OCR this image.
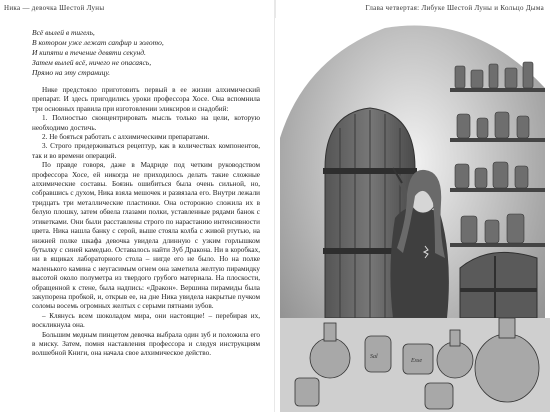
Ника — девочка Шестой Луны
Всё вылей в тигель,
В котором уже лежат сапфир и золото,
И кипяти в течение девяти секунд.
Затем вылей всё, ничего не опасаясь,
Прямо на эту страницу.

Нике предстояло приготовить первый в ее жизни алхимический препарат. И здесь пригодились уроки профессора Хосе. Она вспомнила три основных правила при изготовлении эликсиров и снадобий:

1. Полностью сконцентрировать мысль только на цели, которую необходимо достичь.

2. Не бояться работать с алхимическими препаратами.

3. Строго придерживаться рецептур, как в количествах компонентов, так и во времени операций.

По правде говоря, даже в Мадриде под четким руководством профессора Хосе, ей никогда не приходилось делать такие сложные алхимические составы. Боязнь ошибиться была очень сильной, но, собравшись с духом, Ника взяла мешочек и развязала его. Внутри лежали тридцать три металлические пластинки. Она осторожно сложила их в белую плошку, затем обвела глазами полки, уставленные рядами банок с этикетками. Они были расставлены строго по нарастанию интенсивности цвета. Ника нашла банку с серой, выше стояла колба с живой ртутью, на нижней полке шкафа девочка увидела длинную с узким горлышком бутылку с синей камедью. Оставалось найти Зуб Дракона. Ни в коробках, ни в ящиках лабораторного стола – нигде его не было. Но на полке маленького камина с неугасимым огнем она заметила желтую пирамидку высотой около полуметра из твердого грубого материала. На плоскости, обращенной к стене, была надпись: «Дракон». Вершина пирамиды была закупорена пробкой, и, открыв ее, на дне Ника увидела накрытые пучком соломы восемь огромных желтых с серыми пятнами зубов.

– Клянусь всем шоколадом мира, они настоящие! – перебирая их, воскликнула она.

Большим медным пинцетом девочка выбрала один зуб и положила его в миску. Затем, помня наставления профессора и следуя инструкциям волшебной Книги, она начала свое алхимическое действо.

Глава четвертая: Либуке Шестой Луны и Кольцо Дыма
Sal
Esse
